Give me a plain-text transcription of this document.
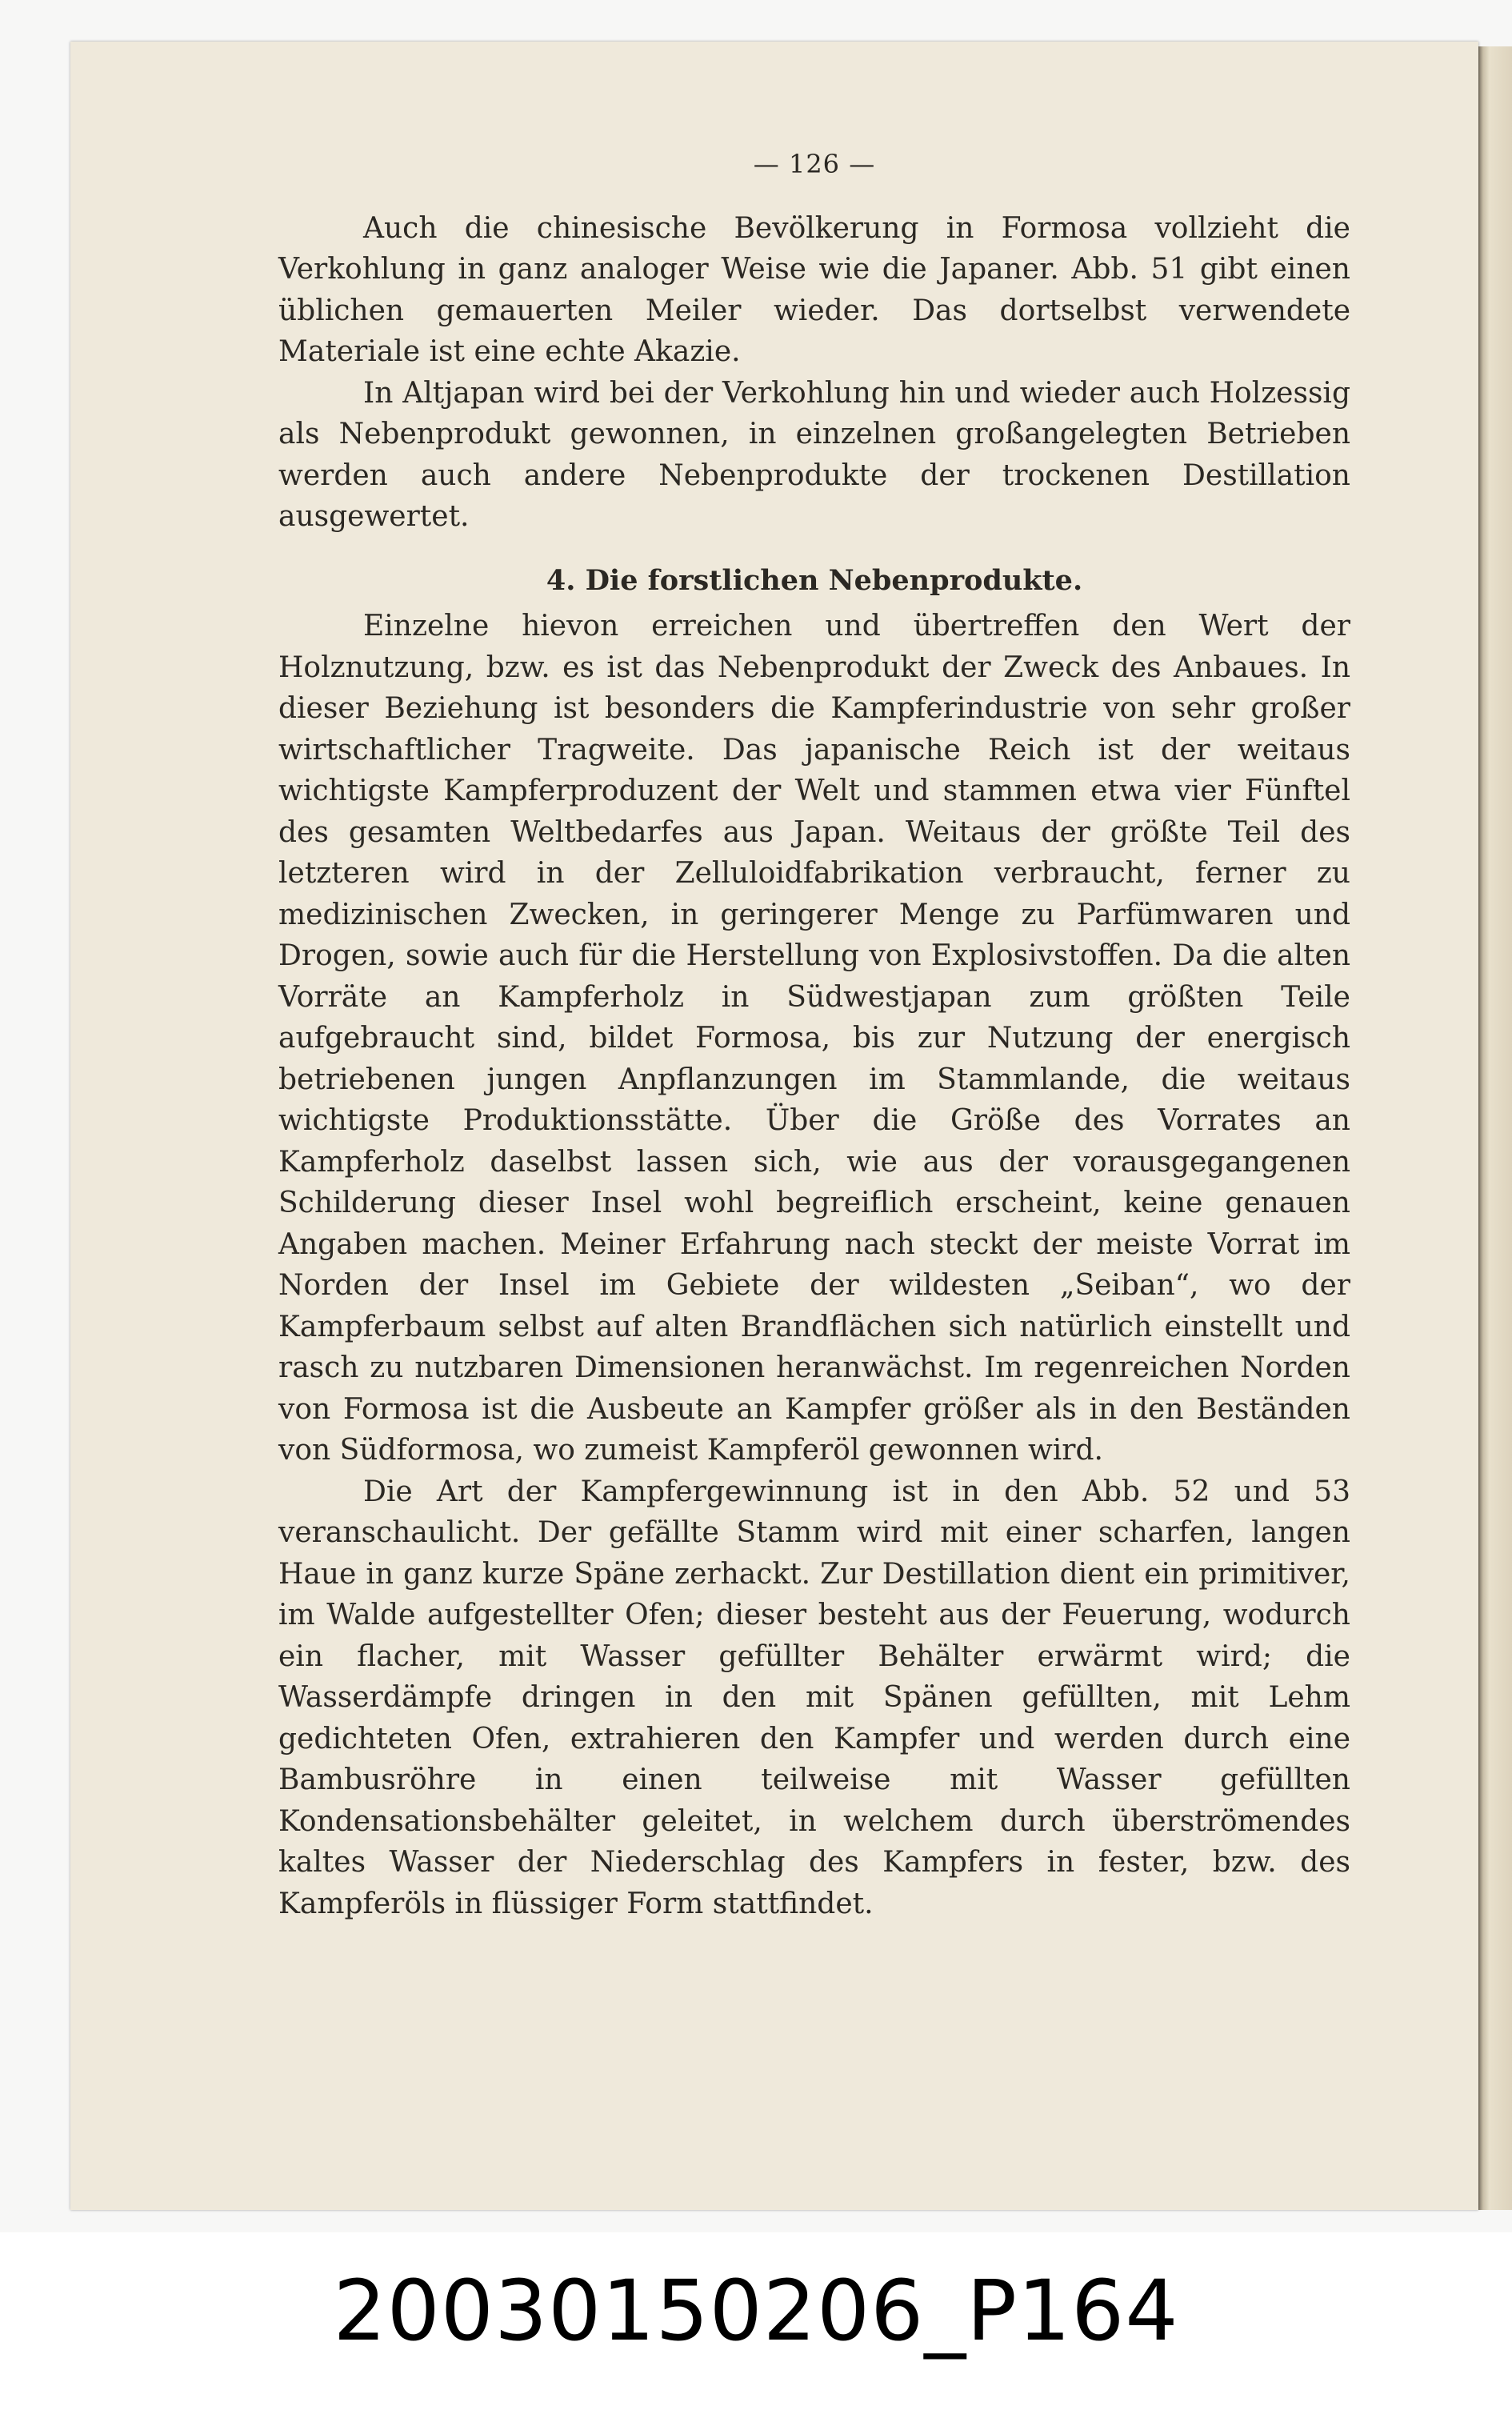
— 126 —

Auch die chinesische Bevölkerung in Formosa vollzieht die Verkohlung in ganz analoger Weise wie die Japaner. Abb. 51 gibt einen üblichen gemauerten Meiler wieder. Das dortselbst verwendete Materiale ist eine echte Akazie.

In Altjapan wird bei der Verkohlung hin und wieder auch Holzessig als Nebenprodukt gewonnen, in einzelnen großangelegten Betrieben werden auch andere Nebenprodukte der trockenen Destillation ausgewertet.

4. Die forstlichen Nebenprodukte.

Einzelne hievon erreichen und übertreffen den Wert der Holznutzung, bzw. es ist das Nebenprodukt der Zweck des Anbaues. In dieser Beziehung ist besonders die Kampferindustrie von sehr großer wirtschaftlicher Tragweite. Das japanische Reich ist der weitaus wichtigste Kampferproduzent der Welt und stammen etwa vier Fünftel des gesamten Weltbedarfes aus Japan. Weitaus der größte Teil des letzteren wird in der Zelluloidfabrikation verbraucht, ferner zu medizinischen Zwecken, in geringerer Menge zu Parfümwaren und Drogen, sowie auch für die Herstellung von Explosivstoffen. Da die alten Vorräte an Kampferholz in Südwestjapan zum größten Teile aufgebraucht sind, bildet Formosa, bis zur Nutzung der energisch betriebenen jungen Anpflanzungen im Stammlande, die weitaus wichtigste Produktionsstätte. Über die Größe des Vorrates an Kampferholz daselbst lassen sich, wie aus der vorausgegangenen Schilderung dieser Insel wohl begreiflich erscheint, keine genauen Angaben machen. Meiner Erfahrung nach steckt der meiste Vorrat im Norden der Insel im Gebiete der wildesten „Seiban“, wo der Kampferbaum selbst auf alten Brandflächen sich natürlich einstellt und rasch zu nutzbaren Dimensionen heranwächst. Im regenreichen Norden von Formosa ist die Ausbeute an Kampfer größer als in den Beständen von Südformosa, wo zumeist Kampferöl gewonnen wird.

Die Art der Kampfergewinnung ist in den Abb. 52 und 53 veranschaulicht. Der gefällte Stamm wird mit einer scharfen, langen Haue in ganz kurze Späne zerhackt. Zur Destillation dient ein primitiver, im Walde aufgestellter Ofen; dieser besteht aus der Feuerung, wodurch ein flacher, mit Wasser gefüllter Behälter erwärmt wird; die Wasserdämpfe dringen in den mit Spänen gefüllten, mit Lehm gedichteten Ofen, extrahieren den Kampfer und werden durch eine Bambusröhre in einen teilweise mit Wasser gefüllten Kondensationsbehälter geleitet, in welchem durch überströmendes kaltes Wasser der Niederschlag des Kampfers in fester, bzw. des Kampferöls in flüssiger Form stattfindet.

20030150206_P164
